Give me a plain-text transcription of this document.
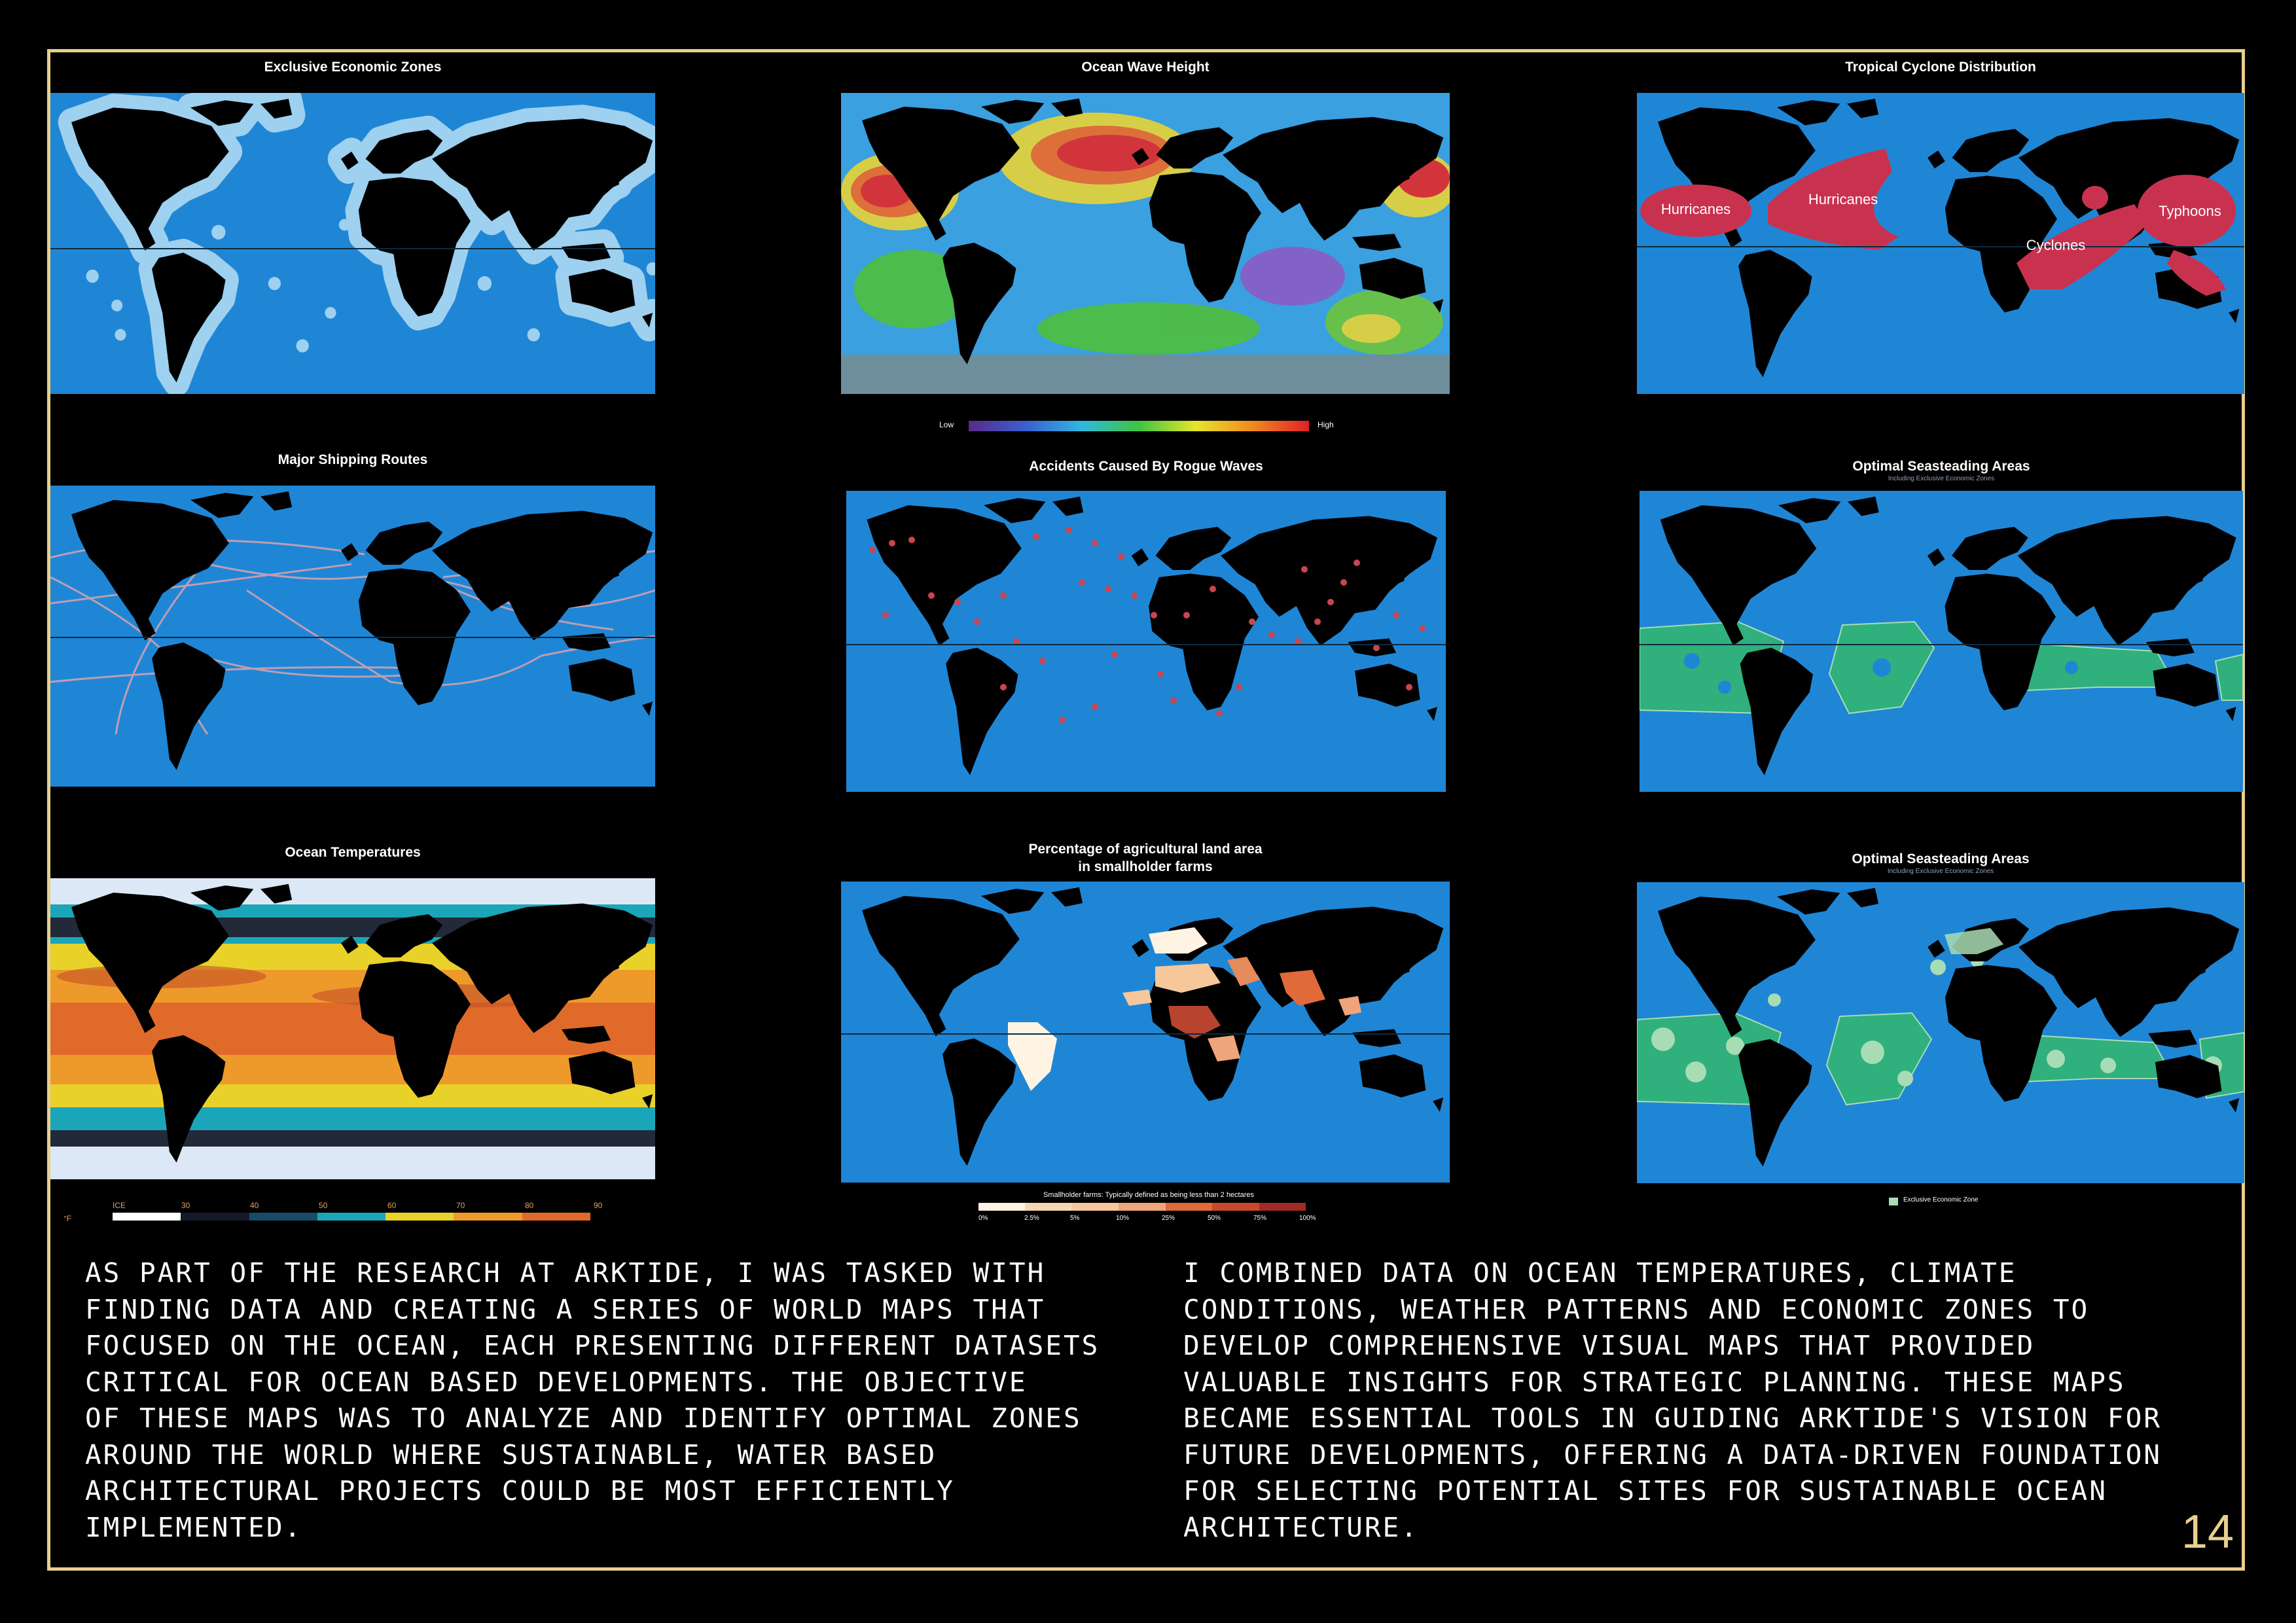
Exclusive Economic Zones	Ocean Wave Height
Low	High
Tropical Cyclone Distribution
Hurricanes
Hurricanes
Cyclones
Typhoons
Major Shipping Routes	Accidents Caused By Rogue Waves	Optimal Seasteading Areas
Including Exclusive Economic Zones
Ocean Temperatures
°F
ICE	30	40	50	60	70	80	90
Percentage of agricultural land area
in smallholder farms
Smallholder farms: Typically defined as being less than 2 hectares
0%	2.5%	5%	10%	25%	50%	75%	100%
Optimal Seasteading Areas
Including Exclusive Economic Zones
Exclusive Economic Zone
AS PART OF THE RESEARCH AT ARKTIDE, I WAS TASKED WITH
FINDING DATA AND CREATING A SERIES OF WORLD MAPS THAT
FOCUSED ON THE OCEAN, EACH PRESENTING DIFFERENT DATASETS
CRITICAL FOR OCEAN BASED DEVELOPMENTS. THE OBJECTIVE
OF THESE MAPS WAS TO ANALYZE AND IDENTIFY OPTIMAL ZONES
AROUND THE WORLD WHERE SUSTAINABLE, WATER BASED
ARCHITECTURAL PROJECTS COULD BE MOST EFFICIENTLY
IMPLEMENTED.
I COMBINED DATA ON OCEAN TEMPERATURES, CLIMATE
CONDITIONS, WEATHER PATTERNS AND ECONOMIC ZONES TO
DEVELOP COMPREHENSIVE VISUAL MAPS THAT PROVIDED
VALUABLE INSIGHTS FOR STRATEGIC PLANNING. THESE MAPS
BECAME ESSENTIAL TOOLS IN GUIDING ARKTIDE'S VISION FOR
FUTURE DEVELOPMENTS, OFFERING A DATA-DRIVEN FOUNDATION
FOR SELECTING POTENTIAL SITES FOR SUSTAINABLE OCEAN
ARCHITECTURE.	14
